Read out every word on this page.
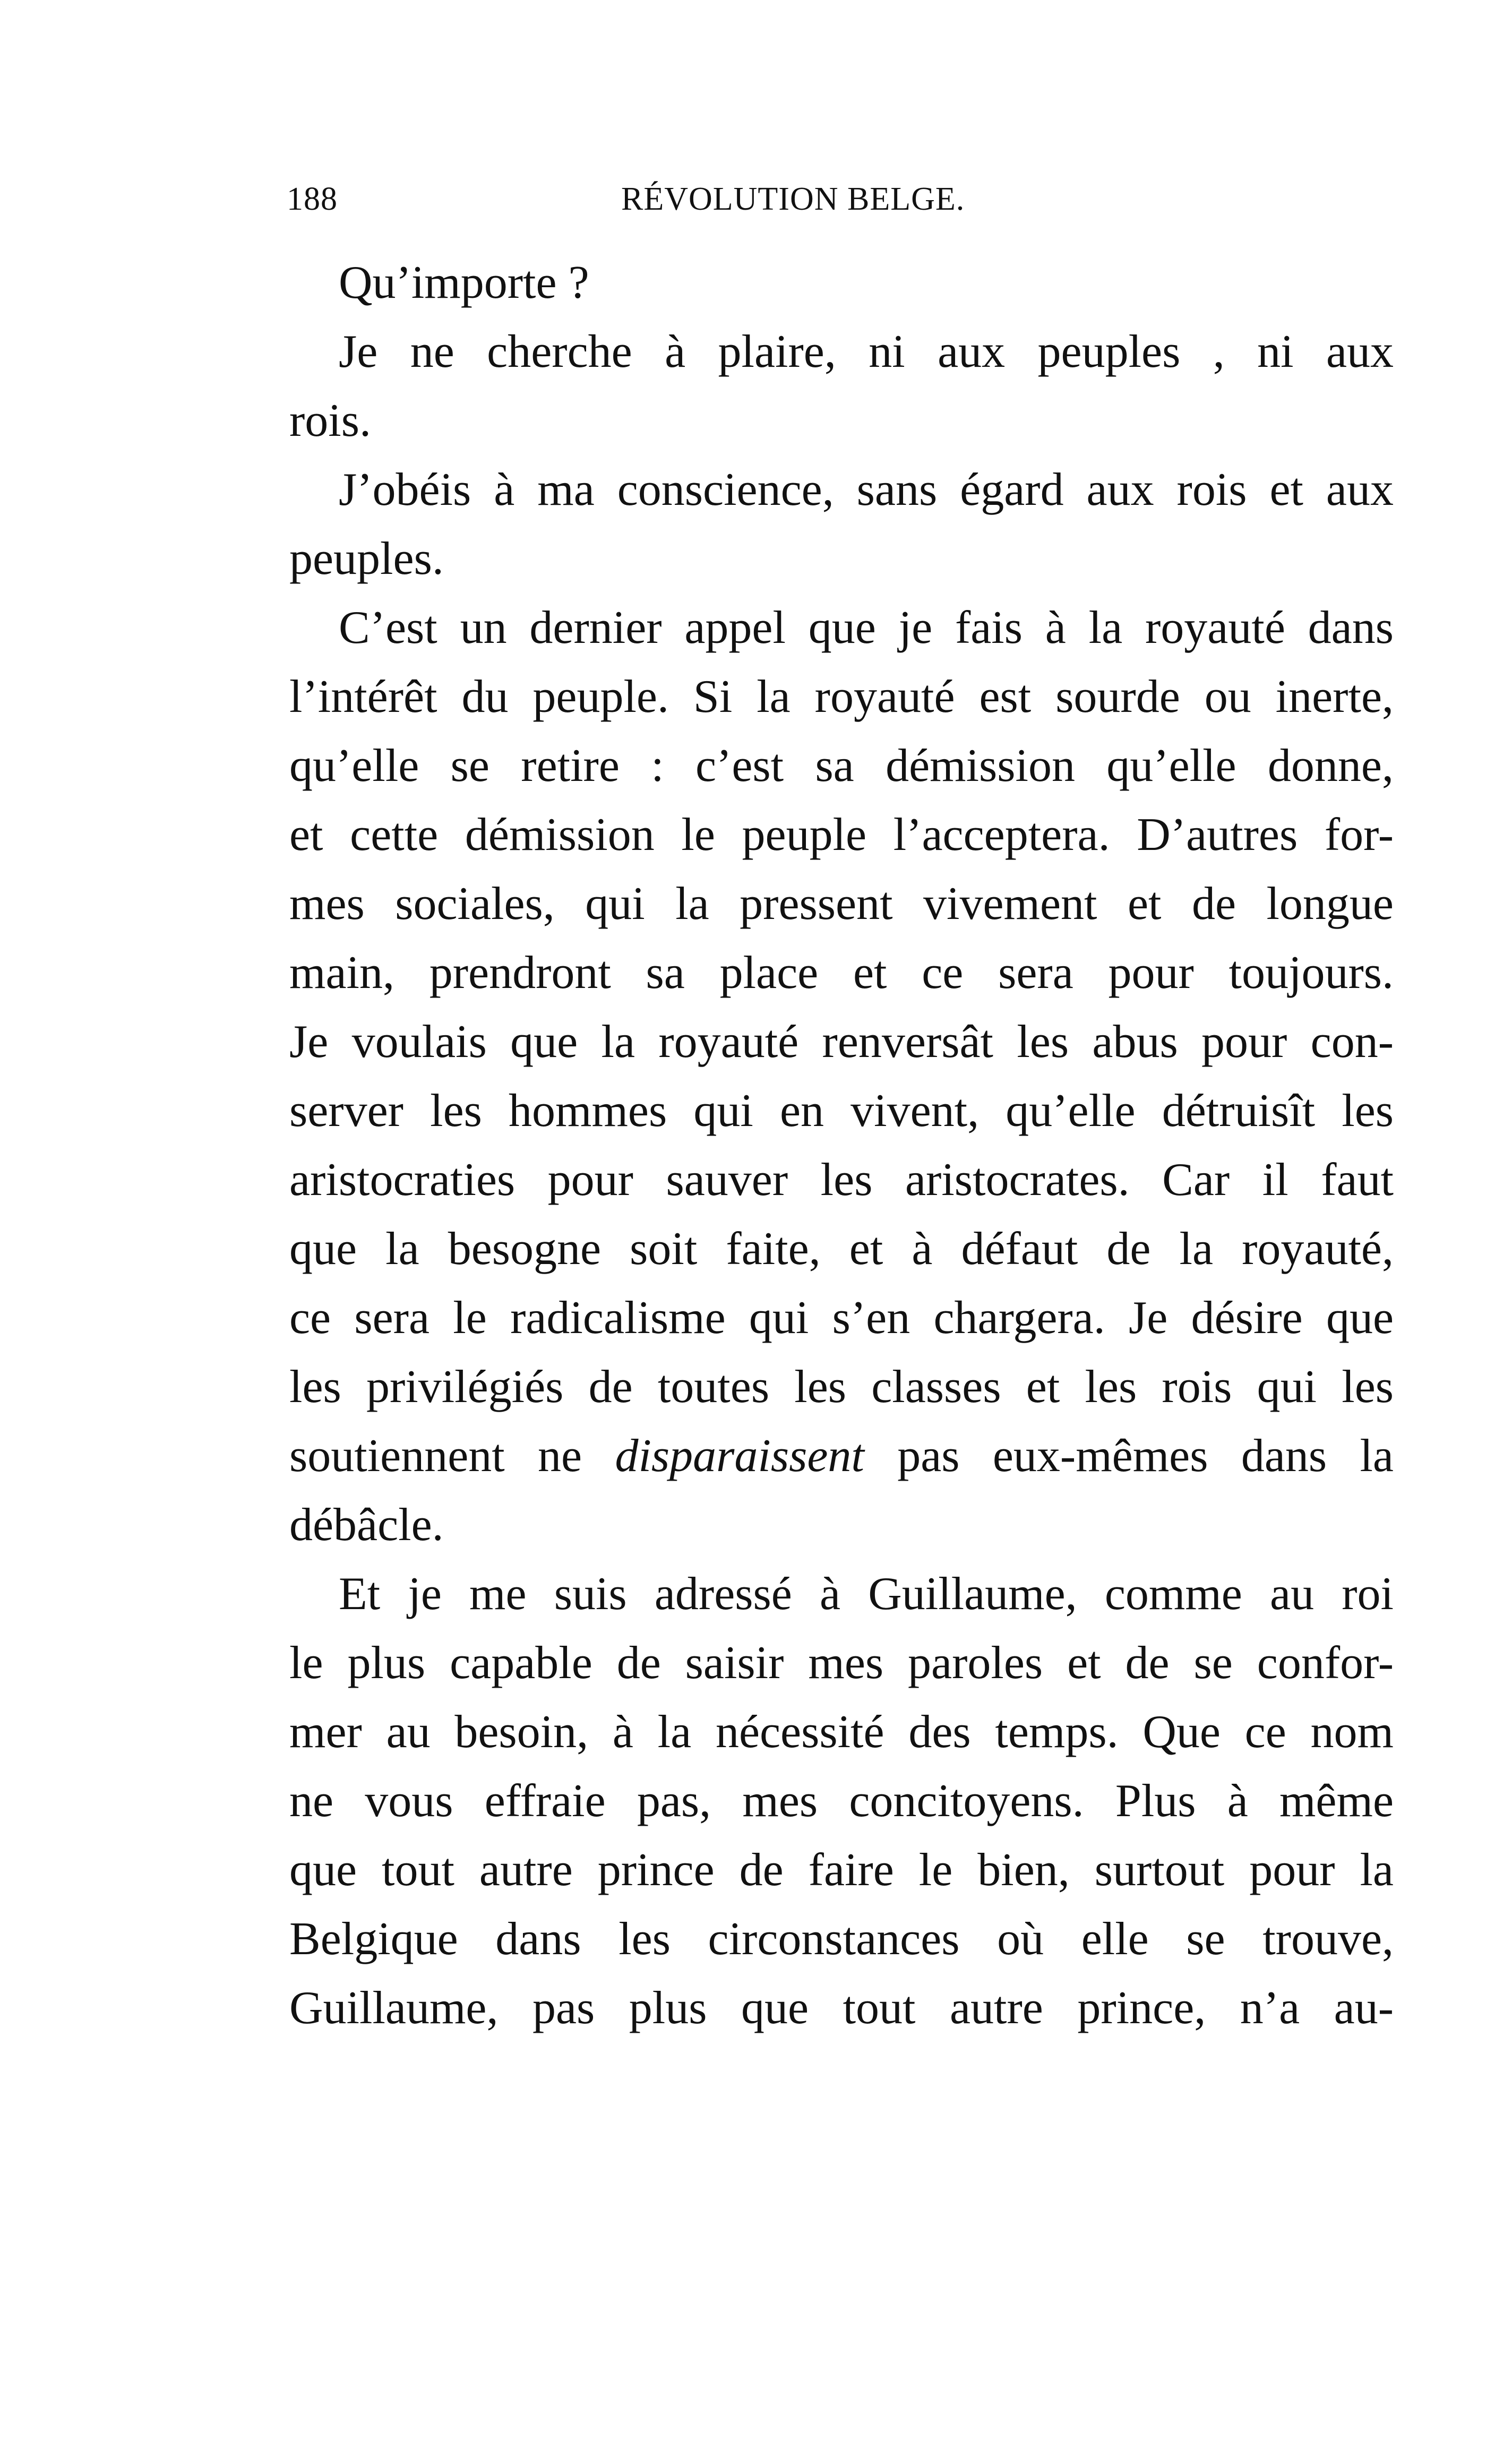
188	RÉVOLUTION BELGE.
Qu’importe ?
Je ne cherche à plaire, ni aux peuples , ni aux
rois.
J’obéis à ma conscience, sans égard aux rois et aux
peuples.
C’est un dernier appel que je fais à la royauté dans
l’intérêt du peuple. Si la royauté est sourde ou inerte,
qu’elle se retire : c’est sa démission qu’elle donne,
et cette démission le peuple l’acceptera. D’autres for-
mes sociales, qui la pressent vivement et de longue
main, prendront sa place et ce sera pour toujours.
Je voulais que la royauté renversât les abus pour con-
server les hommes qui en vivent, qu’elle détruisît les
aristocraties pour sauver les aristocrates. Car il faut
que la besogne soit faite, et à défaut de la royauté,
ce sera le radicalisme qui s’en chargera. Je désire que
les privilégiés de toutes les classes et les rois qui les
soutiennent ne disparaissent pas eux-mêmes dans la
débâcle.
Et je me suis adressé à Guillaume, comme au roi
le plus capable de saisir mes paroles et de se confor-
mer au besoin, à la nécessité des temps. Que ce nom
ne vous effraie pas, mes concitoyens. Plus à même
que tout autre prince de faire le bien, surtout pour la
Belgique dans les circonstances où elle se trouve,
Guillaume, pas plus que tout autre prince, n’a au-
